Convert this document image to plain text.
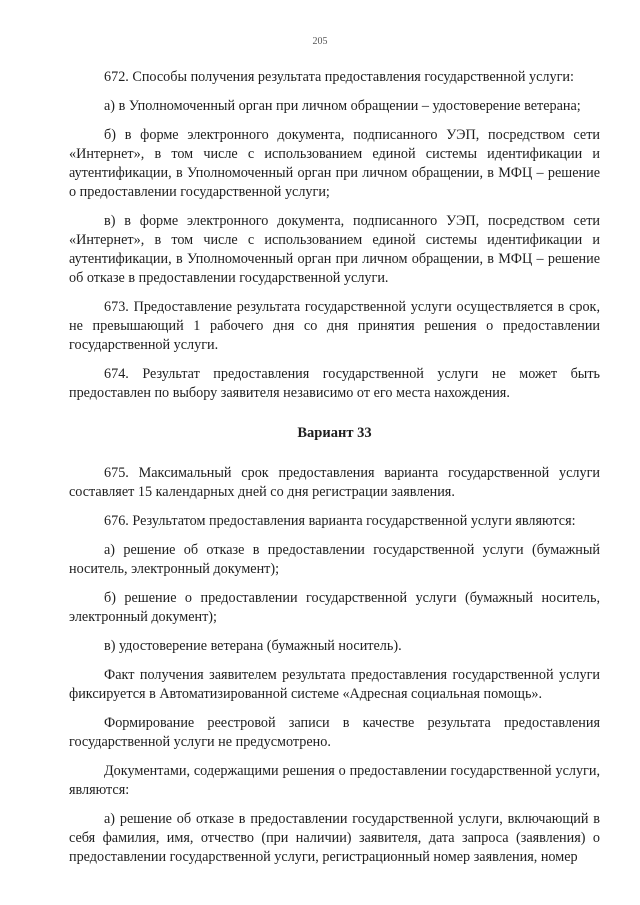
205

672. Способы получения результата предоставления государственной услуги:

а) в Уполномоченный орган при личном обращении – удостоверение ветерана;

б) в форме электронного документа, подписанного УЭП, посредством сети «Интернет», в том числе с использованием единой системы идентификации и аутентификации, в Уполномоченный орган при личном обращении, в МФЦ – решение о предоставлении государственной услуги;

в) в форме электронного документа, подписанного УЭП, посредством сети «Интернет», в том числе с использованием единой системы идентификации и аутентификации, в Уполномоченный орган при личном обращении, в МФЦ – решение об отказе в предоставлении государственной услуги.

673. Предоставление результата государственной услуги осуществляется в срок, не превышающий 1 рабочего дня со дня принятия решения о предоставлении государственной услуги.

674. Результат предоставления государственной услуги не может быть предоставлен по выбору заявителя независимо от его места нахождения.

Вариант 33

675. Максимальный срок предоставления варианта государственной услуги составляет 15 календарных дней со дня регистрации заявления.

676. Результатом предоставления варианта государственной услуги являются:

а) решение об отказе в предоставлении государственной услуги (бумажный носитель, электронный документ);

б) решение о предоставлении государственной услуги (бумажный носитель, электронный документ);

в) удостоверение ветерана (бумажный носитель).

Факт получения заявителем результата предоставления государственной услуги фиксируется в Автоматизированной системе «Адресная социальная помощь».

Формирование реестровой записи в качестве результата предоставления государственной услуги не предусмотрено.

Документами, содержащими решения о предоставлении государственной услуги, являются:

а) решение об отказе в предоставлении государственной услуги, включающий в себя фамилия, имя, отчество (при наличии) заявителя, дата запроса (заявления) о предоставлении государственной услуги, регистрационный номер заявления, номер
